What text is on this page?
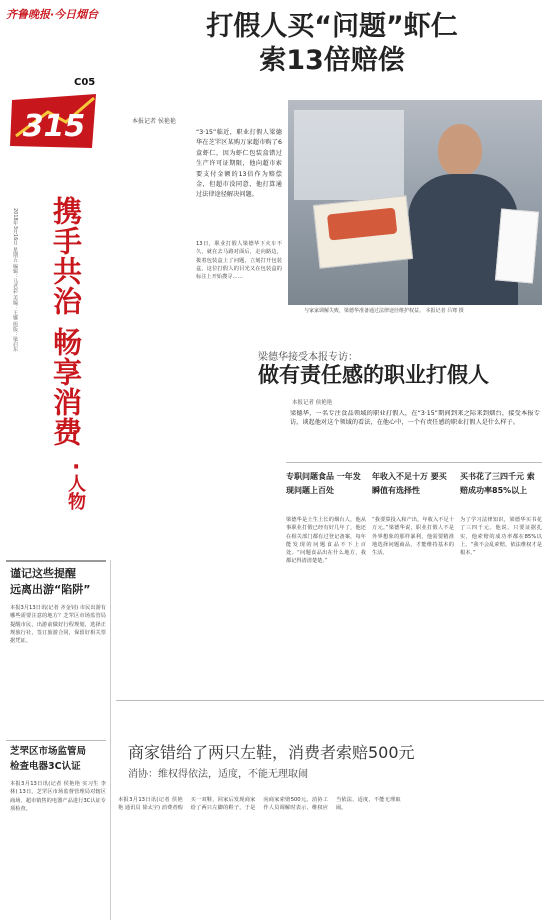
齐鲁晚报·今日烟台
C05
315
2018年3月16日 星期五 编辑：马君彩 美编：王娜 组版：梁启东 携手共治 畅享消费
·
人物
打假人买“问题”虾仁
索13倍赔偿
本报记者 侯艳艳
“3·15”临近，职业打假人梁德华在芝罘区某购万家超市购了6盒虾仁，因为虾仁包装盒错过生产许可证期限，他向超市索要支付金额的13倍作为赔偿金，但超市没同意，他打算通过法律途径解决问题。
13日，职业打假人梁德华下火车不久，就在去马路对面后，走向路边，拨着包装盒上了问题，立刻打开包装盒，这位打假人的目光又在包装盒的标注上开始搜寻……
与家家调解失败，梁德华准备通过法律途径维护权益。 本报记者 吕骞 摄
梁德华接受本报专访：
做有责任感的职业打假人
本报记者 侯艳艳
梁德华，一名专注食品领域的职业打假人，在“3·15”期间到来之际来到烟台，接受本报专访，谈起他对这个领域的看法，在他心中，一个有责任感的职业打假人是什么样子。
专职问题食品 一年发现问题上百处
梁德华是土生土长的烟台人，他从事职业打假已经有好几年了，他还在相关部门都有过登记备案，每年能发现的问题食品不下上百处。“问题食品出在什么地方，我都记得清清楚楚。”
年收入不足十万 要买瞬值有选择性
“我要算投入和产出，年收入不足十万元。”梁德华说，职业打假人不是外界想象的那样暴利，他需要精准地选择问题商品，才能维持基本的生活。
买书花了三四千元 索赔成功率85%以上
为了学习法律知识，梁德华买书花了三四千元。他说，只要证据扎实，他索赔的成功率都在85%以上，“我不会乱索赔，依法维权才是根本。”
谨记这些提醒
远离出游“陷阱”
本报3月13日讯(记者 齐金钊) 市民出游有哪些需要注意的地方？芝罘区市场监管局提醒市民，出游前做好行程规划，选择正规旅行社，签订旅游合同，保留好相关票据凭证。
芝罘区市场监管局
检查电器3C认证
本报3月13日讯(记者 侯艳艳 实习生 李林) 13日，芝罘区市场监督管理局对辖区商场、超市销售的电器产品进行3C认证专项检查。
商家错给了两只左鞋，消费者索赔500元
消协：维权得依法，适度，不能无理取闹
本报3月13日讯(记者 侯艳艳 通讯员 徐太宇) 消费者购买一双鞋，回家后发现商家给了两只左脚的鞋子，于是向商家索赔500元。消协工作人员调解时表示，维权应当依法、适度，不能无理取闹。
